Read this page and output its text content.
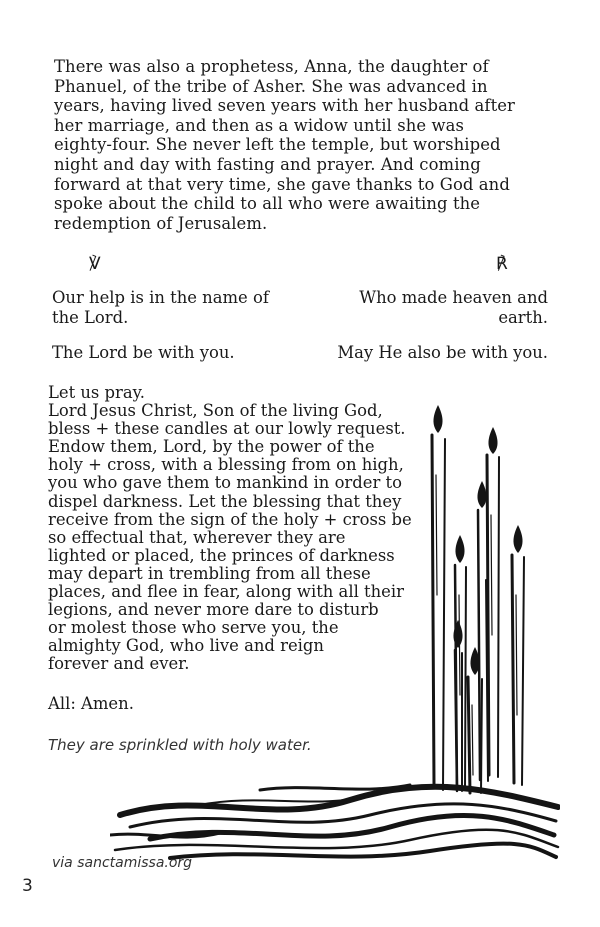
There was also a prophetess, Anna, the daughter of
Phanuel, of the tribe of Asher. She was advanced in
years, having lived seven years with her husband after
her marriage, and then as a widow until she was
eighty-four. She never left the temple, but worshiped
night and day with fasting and prayer. And coming
forward at that very time, she gave thanks to God and
spoke about the child to all who were awaiting the
redemption of Jerusalem.

℣	℟

Our help is in the name of
the Lord.

Who made heaven and
earth.

The Lord be with you.	May He also be with you.

Let us pray.
Lord Jesus Christ, Son of the living God,
bless + these candles at our lowly request.
Endow them, Lord, by the power of the
holy + cross, with a blessing from on high,
you who gave them to mankind in order to
dispel darkness. Let the blessing that they
receive from the sign of the holy + cross be
so effectual that, wherever they are
lighted or placed, the princes of darkness
may depart in trembling from all these
places, and flee in fear, along with all their
legions, and never more dare to disturb
or molest those who serve you, the
almighty God, who live and reign
forever and ever.

All: Amen.

They are sprinkled with holy water.

via sanctamissa.org

3
